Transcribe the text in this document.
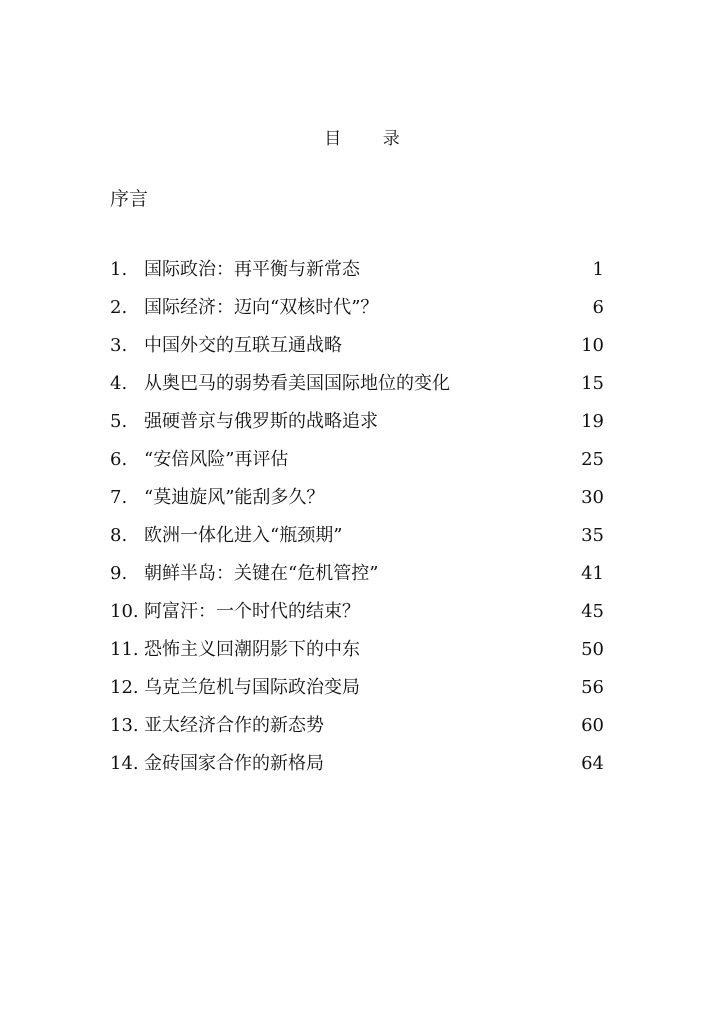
目 录
序言
1. 国际政治：再平衡与新常态	1
2. 国际经济：迈向“双核时代”？	6
3. 中国外交的互联互通战略	10
4. 从奥巴马的弱势看美国国际地位的变化	15
5. 强硬普京与俄罗斯的战略追求	19
6. “安倍风险”再评估	25
7. “莫迪旋风”能刮多久？	30
8. 欧洲一体化进入“瓶颈期”	35
9. 朝鲜半岛：关键在“危机管控”	41
10. 阿富汗：一个时代的结束？	45
11. 恐怖主义回潮阴影下的中东	50
12. 乌克兰危机与国际政治变局	56
13. 亚太经济合作的新态势	60
14. 金砖国家合作的新格局	64
